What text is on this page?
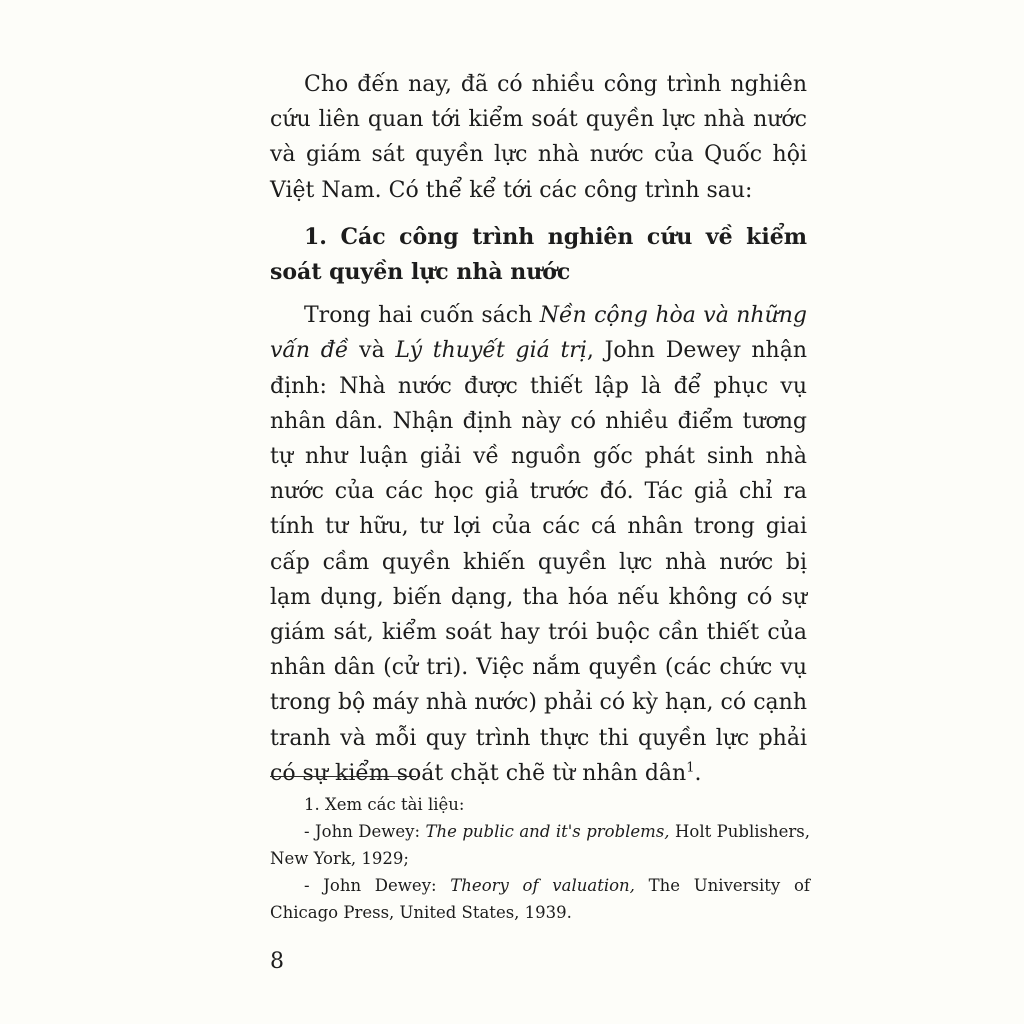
Cho đến nay, đã có nhiều công trình nghiên cứu liên quan tới kiểm soát quyền lực nhà nước và giám sát quyền lực nhà nước của Quốc hội Việt Nam. Có thể kể tới các công trình sau:

1. Các công trình nghiên cứu về kiểm soát quyền lực nhà nước

Trong hai cuốn sách Nền cộng hòa và những vấn đề và Lý thuyết giá trị, John Dewey nhận định: Nhà nước được thiết lập là để phục vụ nhân dân. Nhận định này có nhiều điểm tương tự như luận giải về nguồn gốc phát sinh nhà nước của các học giả trước đó. Tác giả chỉ ra tính tư hữu, tư lợi của các cá nhân trong giai cấp cầm quyền khiến quyền lực nhà nước bị lạm dụng, biến dạng, tha hóa nếu không có sự giám sát, kiểm soát hay trói buộc cần thiết của nhân dân (cử tri). Việc nắm quyền (các chức vụ trong bộ máy nhà nước) phải có kỳ hạn, có cạnh tranh và mỗi quy trình thực thi quyền lực phải có sự kiểm soát chặt chẽ từ nhân dân$^1$.

1. Xem các tài liệu:

- John Dewey: The public and it's problems, Holt Publishers, New York, 1929;

- John Dewey: Theory of valuation, The University of Chicago Press, United States, 1939.

8
